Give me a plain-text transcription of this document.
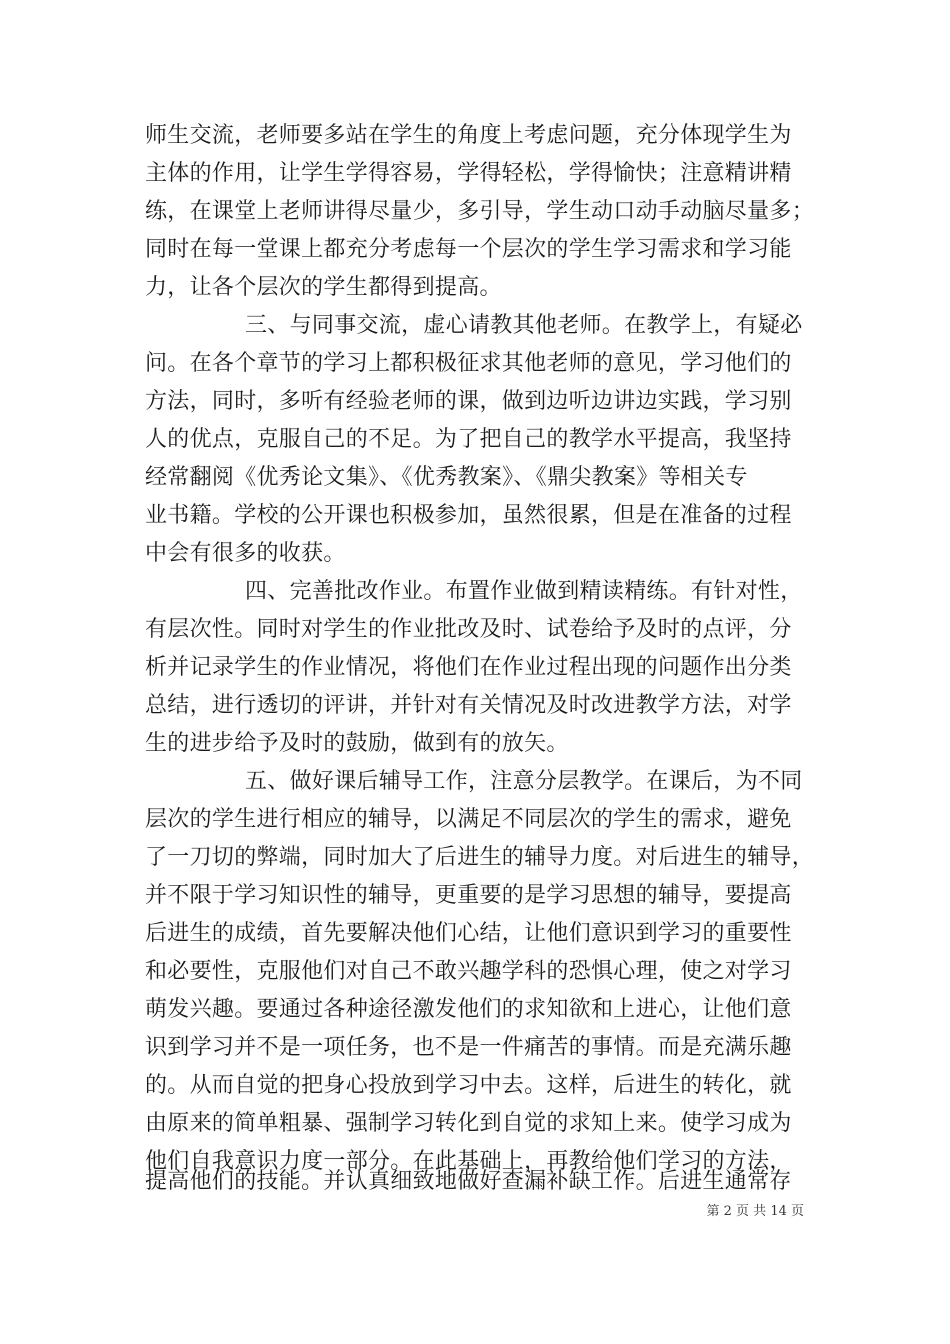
师生交流，老师要多站在学生的角度上考虑问题，充分体现学生为
主体的作用，让学生学得容易，学得轻松，学得愉快；注意精讲精
练，在课堂上老师讲得尽量少，多引导，学生动口动手动脑尽量多；
同时在每一堂课上都充分考虑每一个层次的学生学习需求和学习能
力，让各个层次的学生都得到提高。
三、与同事交流，虚心请教其他老师。在教学上，有疑必
问。在各个章节的学习上都积极征求其他老师的意见，学习他们的
方法，同时，多听有经验老师的课，做到边听边讲边实践，学习别
人的优点，克服自己的不足。为了把自己的教学水平提高，我坚持
经常翻阅《优秀论文集》、《优秀教案》、《鼎尖教案》等相关专
业书籍。学校的公开课也积极参加，虽然很累，但是在准备的过程
中会有很多的收获。
四、完善批改作业。布置作业做到精读精练。有针对性，
有层次性。同时对学生的作业批改及时、试卷给予及时的点评，分
析并记录学生的作业情况，将他们在作业过程出现的问题作出分类
总结，进行透切的评讲，并针对有关情况及时改进教学方法，对学
生的进步给予及时的鼓励，做到有的放矢。
五、做好课后辅导工作，注意分层教学。在课后，为不同
层次的学生进行相应的辅导，以满足不同层次的学生的需求，避免
了一刀切的弊端，同时加大了后进生的辅导力度。对后进生的辅导，
并不限于学习知识性的辅导，更重要的是学习思想的辅导，要提高
后进生的成绩，首先要解决他们心结，让他们意识到学习的重要性
和必要性，克服他们对自己不敢兴趣学科的恐惧心理，使之对学习
萌发兴趣。要通过各种途径激发他们的求知欲和上进心，让他们意
识到学习并不是一项任务，也不是一件痛苦的事情。而是充满乐趣
的。从而自觉的把身心投放到学习中去。这样，后进生的转化，就
由原来的简单粗暴、强制学习转化到自觉的求知上来。使学习成为
他们自我意识力度一部分。在此基础上，再教给他们学习的方法，
提高他们的技能。并认真细致地做好查漏补缺工作。后进生通常存
第 2 页 共 14 页
